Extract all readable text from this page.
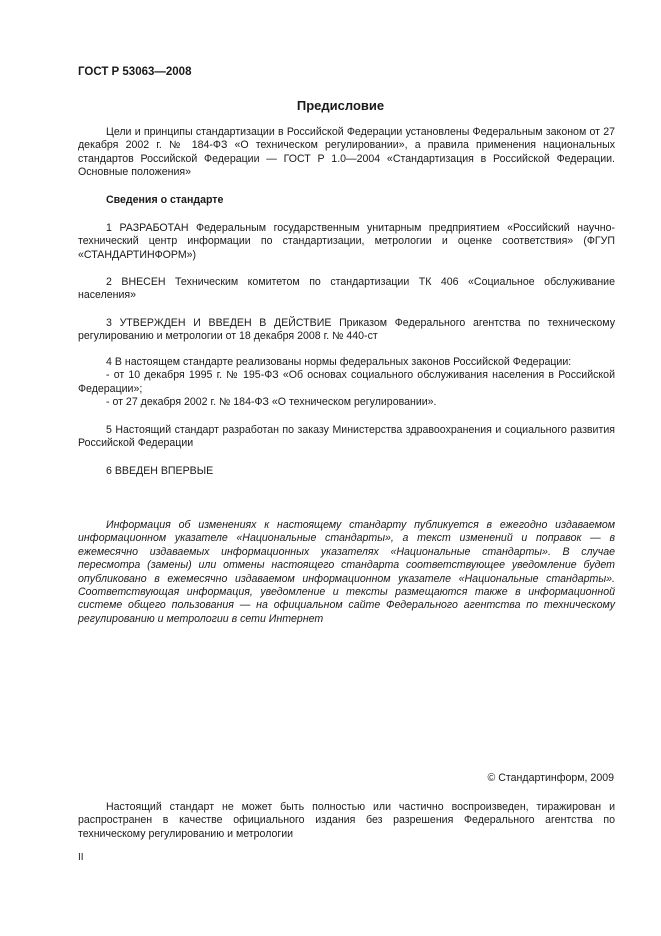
ГОСТ Р 53063—2008
Предисловие

Цели и принципы стандартизации в Российской Федерации установлены Федеральным законом от 27 декабря 2002 г. № 184-ФЗ «О техническом регулировании», а правила применения национальных стандартов Российской Федерации — ГОСТ Р 1.0—2004 «Стандартизация в Российской Федерации. Основные положения»

Сведения о стандарте

1 РАЗРАБОТАН Федеральным государственным унитарным предприятием «Российский научно-технический центр информации по стандартизации, метрологии и оценке соответствия» (ФГУП «СТАНДАРТИНФОРМ»)

2 ВНЕСЕН Техническим комитетом по стандартизации ТК 406 «Социальное обслуживание населения»

3 УТВЕРЖДЕН И ВВЕДЕН В ДЕЙСТВИЕ Приказом Федерального агентства по техническому регулированию и метрологии от 18 декабря 2008 г. № 440-ст

4 В настоящем стандарте реализованы нормы федеральных законов Российской Федерации:

- от 10 декабря 1995 г. № 195-ФЗ «Об основах социального обслуживания населения в Российской Федерации»;

- от 27 декабря 2002 г. № 184-ФЗ «О техническом регулировании».

5 Настоящий стандарт разработан по заказу Министерства здравоохранения и социального развития Российской Федерации

6 ВВЕДЕН ВПЕРВЫЕ

Информация об изменениях к настоящему стандарту публикуется в ежегодно издаваемом информационном указателе «Национальные стандарты», а текст изменений и поправок — в ежемесячно издаваемых информационных указателях «Национальные стандарты». В случае пересмотра (замены) или отмены настоящего стандарта соответствующее уведомление будет опубликовано в ежемесячно издаваемом информационном указателе «Национальные стандарты». Соответствующая информация, уведомление и тексты размещаются также в информационной системе общего пользования — на официальном сайте Федерального агентства по техническому регулированию и метрологии в сети Интернет

© Стандартинформ, 2009

Настоящий стандарт не может быть полностью или частично воспроизведен, тиражирован и распространен в качестве официального издания без разрешения Федерального агентства по техническому регулированию и метрологии

II
